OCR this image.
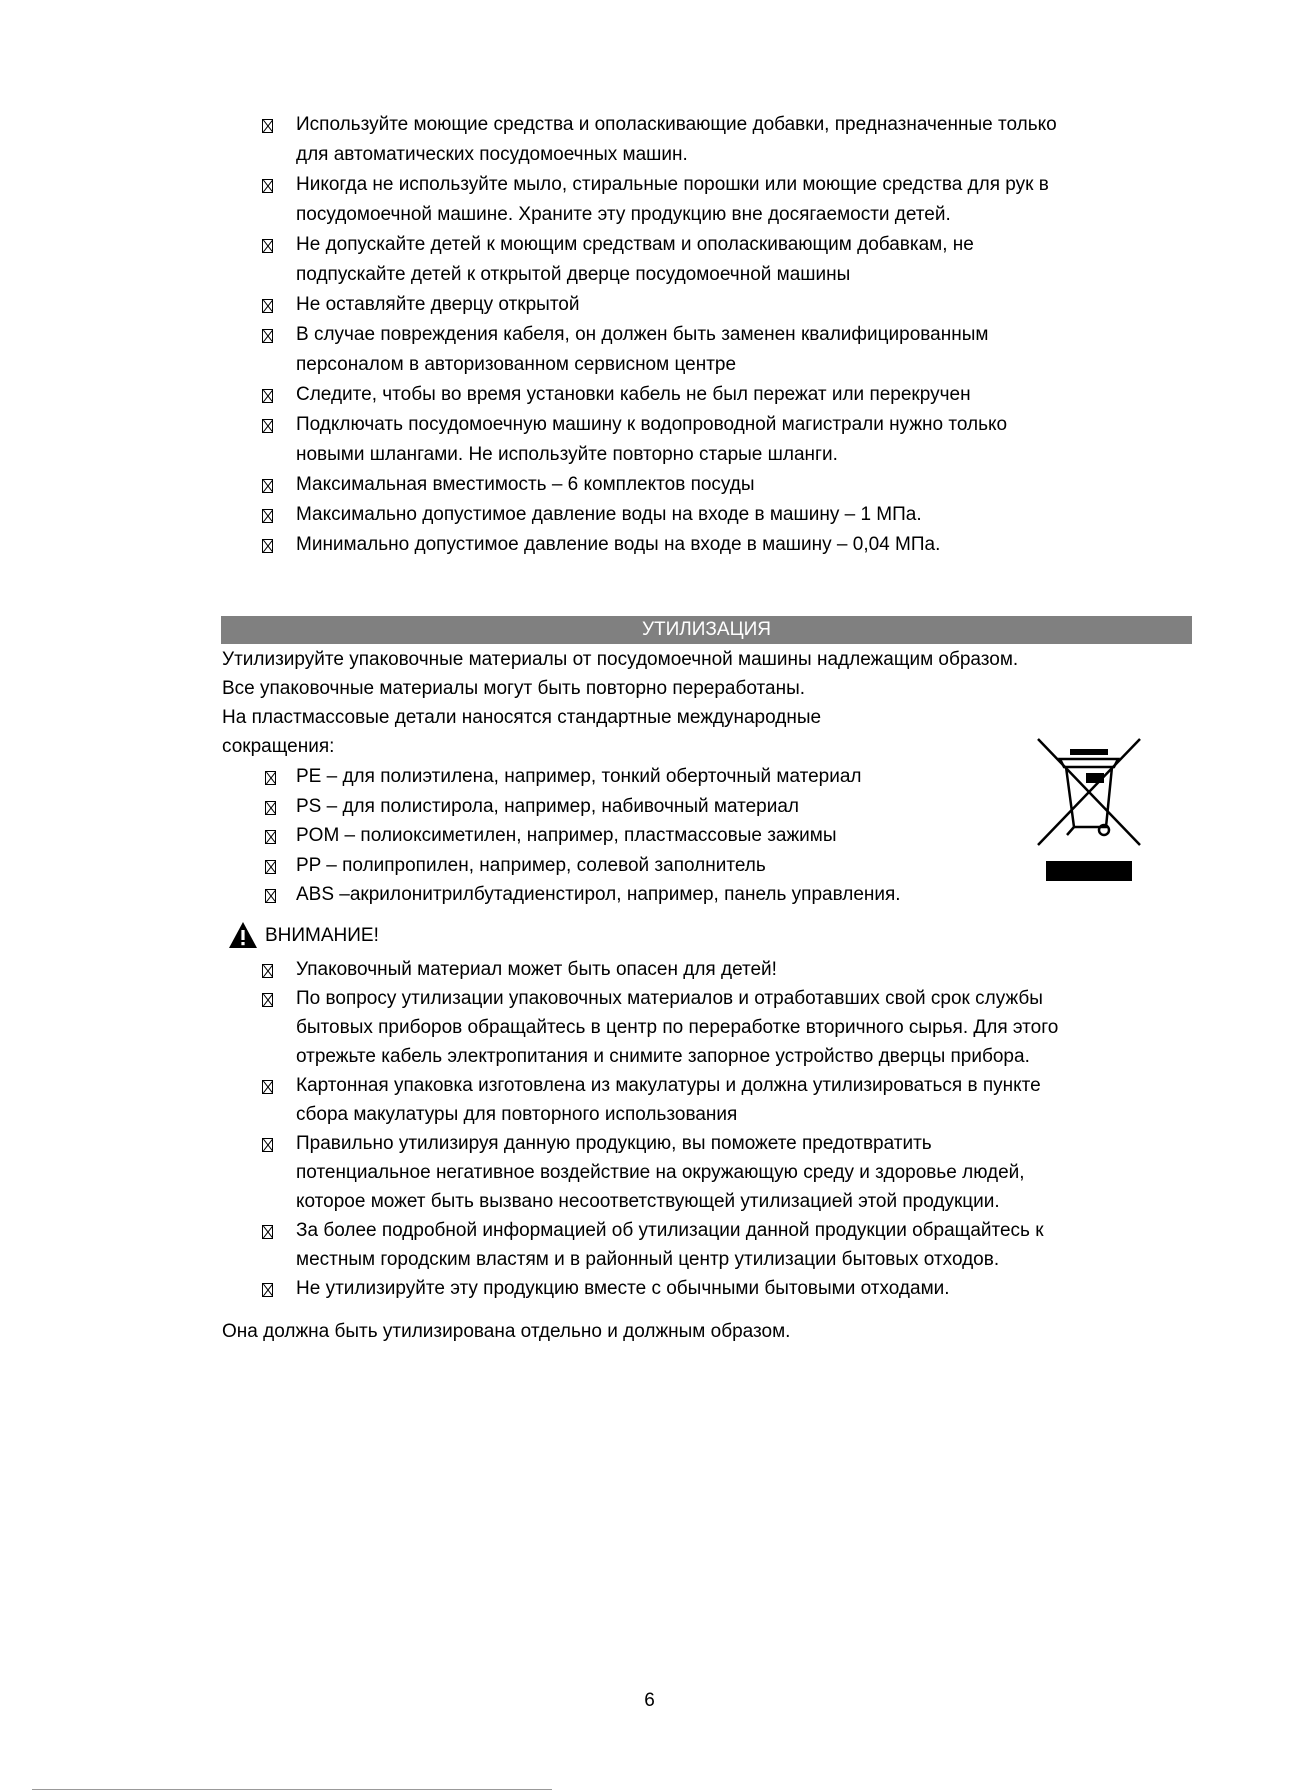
Используйте моющие средства и ополаскивающие добавки, предназначенные только
для автоматических посудомоечных машин.
Никогда не используйте мыло, стиральные порошки или моющие средства для рук в
посудомоечной машине. Храните эту продукцию вне досягаемости детей.
Не допускайте детей к моющим средствам и ополаскивающим добавкам, не
подпускайте детей к открытой дверце посудомоечной машины
Не оставляйте дверцу открытой
В случае повреждения кабеля, он должен быть заменен квалифицированным
персоналом в авторизованном сервисном центре
Следите, чтобы во время установки кабель не был пережат или перекручен
Подключать посудомоечную машину к водопроводной магистрали нужно только
новыми шлангами. Не используйте повторно старые шланги.
Максимальная вместимость – 6 комплектов посуды
Максимально допустимое давление воды на входе в машину – 1 МПа.
Минимально допустимое давление воды на входе в машину – 0,04 МПа.
УТИЛИЗАЦИЯ
Утилизируйте упаковочные материалы от посудомоечной машины надлежащим образом.
Все упаковочные материалы могут быть повторно переработаны.
На пластмассовые детали наносятся стандартные международные
сокращения:
PE – для полиэтилена, например, тонкий оберточный материал
PS – для полистирола, например, набивочный материал
POM – полиоксиметилен, например, пластмассовые зажимы
PP – полипропилен, например, солевой заполнитель
ABS –акрилонитрилбутадиенстирол, например, панель управления.
ВНИМАНИЕ!
Упаковочный материал может быть опасен для детей!
По вопросу утилизации упаковочных материалов и отработавших свой срок службы
бытовых приборов обращайтесь в центр по переработке вторичного сырья. Для этого
отрежьте кабель электропитания и снимите запорное устройство дверцы прибора.
Картонная упаковка изготовлена из макулатуры и должна утилизироваться в пункте
сбора макулатуры для повторного использования
Правильно утилизируя данную продукцию, вы поможете предотвратить
потенциальное негативное воздействие на окружающую среду и здоровье людей,
которое может быть вызвано несоответствующей утилизацией этой продукции.
За более подробной информацией об утилизации данной продукции обращайтесь к
местным городским властям и в районный центр утилизации бытовых отходов.
Не утилизируйте эту продукцию вместе с обычными бытовыми отходами.
Она должна быть утилизирована отдельно и должным образом.
6
